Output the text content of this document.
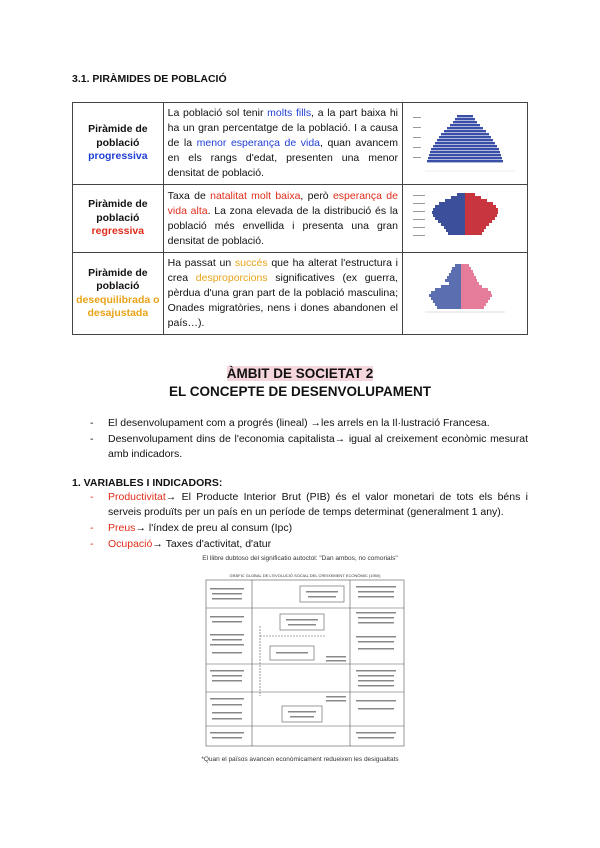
3.1. PIRÀMIDES DE POBLACIÓ
Piràmide de població
progressiva	La població sol tenir molts fills, a la part baixa hi ha un gran percentatge de la població. I a causa de la menor esperança de vida, quan avancem en els rangs d'edat, presenten una menor densitat de població.	

Piràmide de població
regressiva	Taxa de natalitat molt baixa, però esperança de vida alta. La zona elevada de la distribució és la població més envellida i presenta una gran densitat de població.	

Piràmide de població
desequilibrada o desajustada	Ha passat un succés que ha alterat l'estructura i crea desproporcions significatives (ex guerra, pèrdua d'una gran part de la població masculina; Onades migratòries, nens i dones abandonen el país…).	
ÀMBIT DE SOCIETAT 2
EL CONCEPTE DE DESENVOLUPAMENT
- El desenvolupament com a progrés (lineal) →les arrels en la Il·lustració Francesa.
- Desenvolupament dins de l'economia capitalista→ igual al creixement econòmic mesurat amb indicadors.
1. VARIABLES I INDICADORS:
- Productivitat→ El Producte Interior Brut (PIB) és el valor monetari de tots els béns i serveis produïts per un país en un període de temps determinat (generalment 1 any).
- Preus→ l'índex de preu al consum (Ipc)
- Ocupació→ Taxes d'activitat, d'atur
El llibre dubtoso del significatio autoctol: "Dan ambos, no comorials"
GRÀFIC GLOBAL DE L'EVOLUCIÓ SOCIAL DEL CREIXEMENT ECONÒMIC (1950)
*Quan el països avancen econòmicament redueixen les desigualtats
